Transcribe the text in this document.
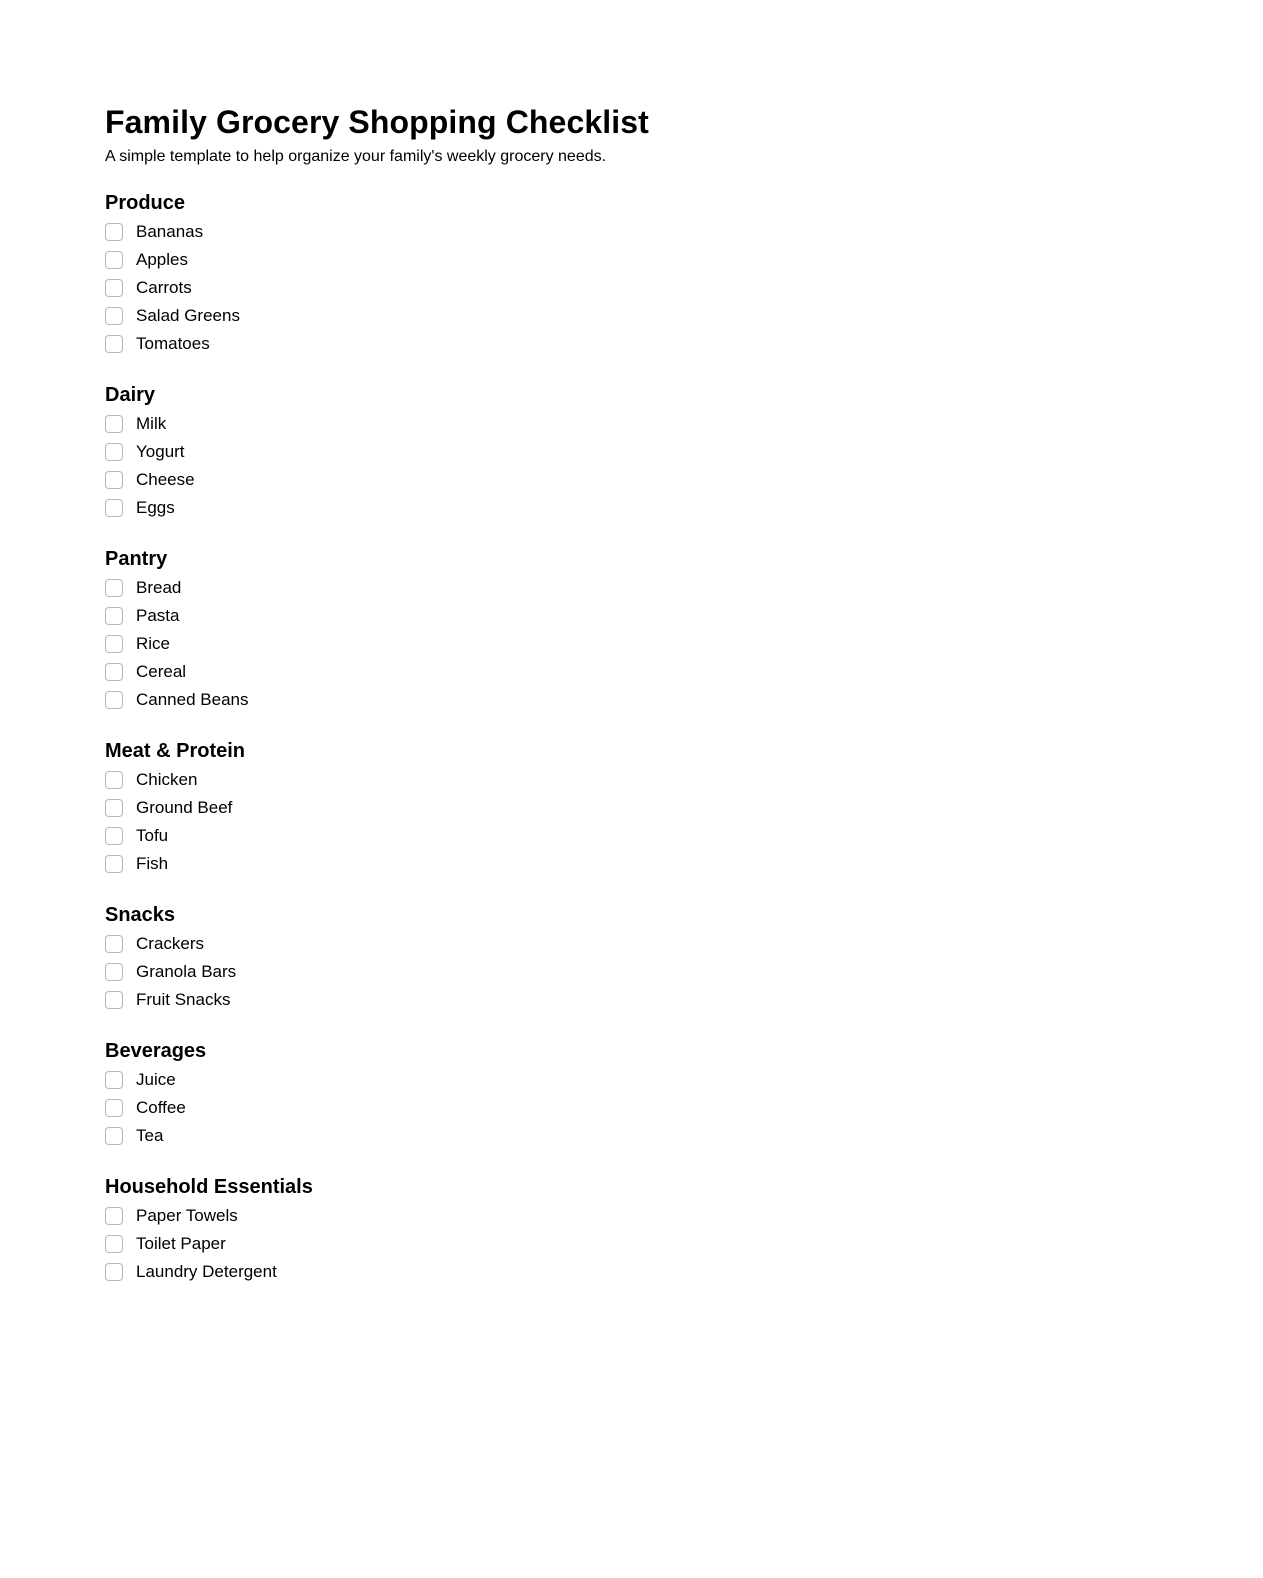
Family Grocery Shopping Checklist

A simple template to help organize your family's weekly grocery needs.

Produce
Bananas
Apples
Carrots
Salad Greens
Tomatoes
Dairy
Milk
Yogurt
Cheese
Eggs
Pantry
Bread
Pasta
Rice
Cereal
Canned Beans
Meat & Protein
Chicken
Ground Beef
Tofu
Fish
Snacks
Crackers
Granola Bars
Fruit Snacks
Beverages
Juice
Coffee
Tea
Household Essentials
Paper Towels
Toilet Paper
Laundry Detergent
